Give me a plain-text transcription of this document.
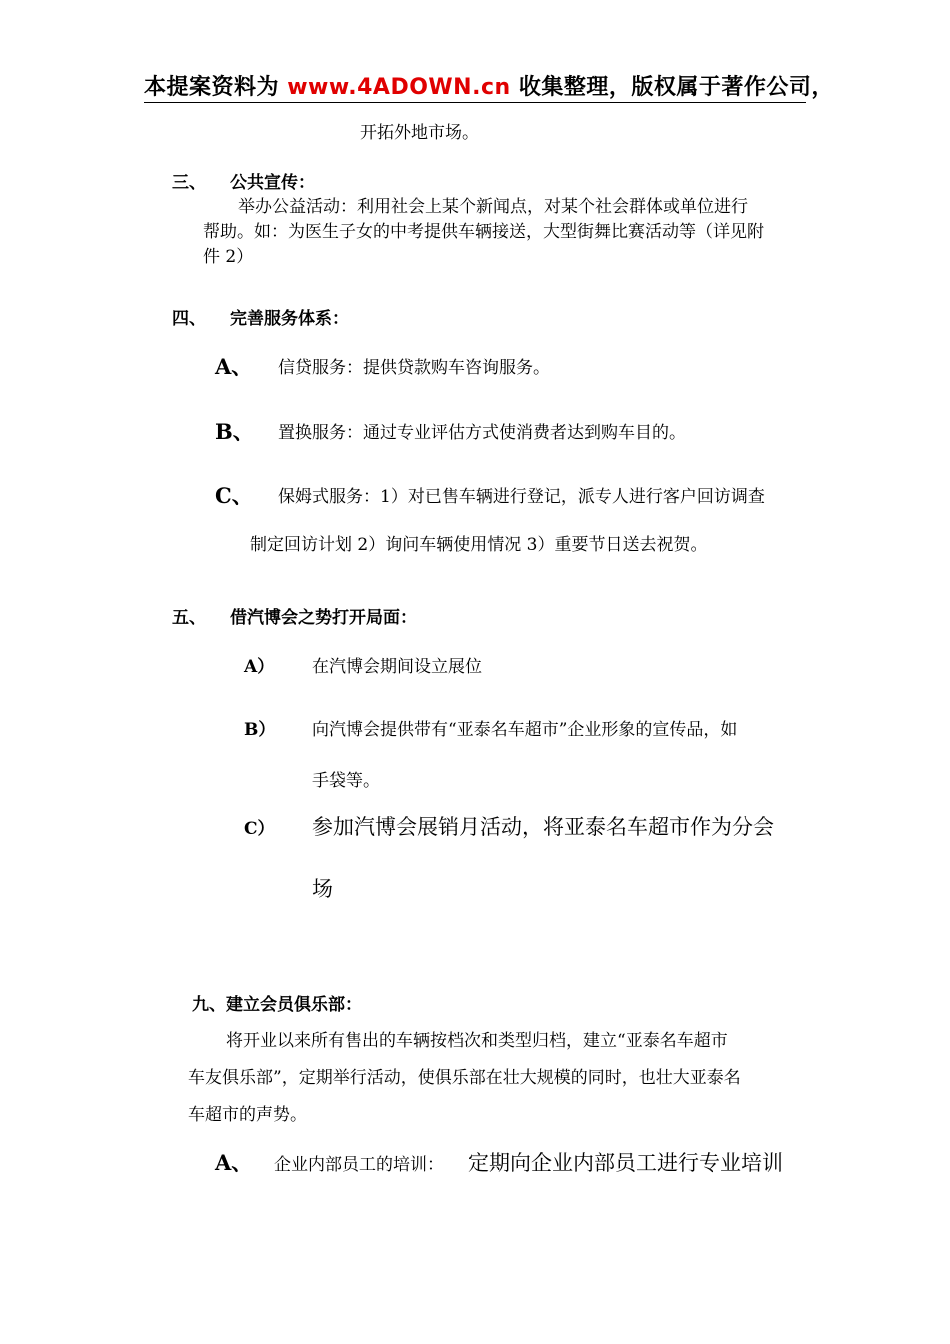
本提案资料为 www.4ADOWN.cn 收集整理，版权属于著作公司，
开拓外地市场。
三、 公共宣传：
举办公益活动：利用社会上某个新闻点，对某个社会群体或单位进行
帮助。如：为医生子女的中考提供车辆接送，大型街舞比赛活动等（详见附
件 2）
四、 完善服务体系：
A、 信贷服务：提供贷款购车咨询服务。
B、 置换服务：通过专业评估方式使消费者达到购车目的。
C、 保姆式服务：1）对已售车辆进行登记，派专人进行客户回访调查
制定回访计划 2）询问车辆使用情况 3）重要节日送去祝贺。
五、 借汽博会之势打开局面：
A） 在汽博会期间设立展位
B） 向汽博会提供带有“亚泰名车超市”企业形象的宣传品，如
手袋等。
C） 参加汽博会展销月活动，将亚泰名车超市作为分会
场
九、建立会员俱乐部：
将开业以来所有售出的车辆按档次和类型归档，建立“亚泰名车超市
车友俱乐部”，定期举行活动，使俱乐部在壮大规模的同时，也壮大亚泰名
车超市的声势。
A、 企业内部员工的培训： 定期向企业内部员工进行专业培训
